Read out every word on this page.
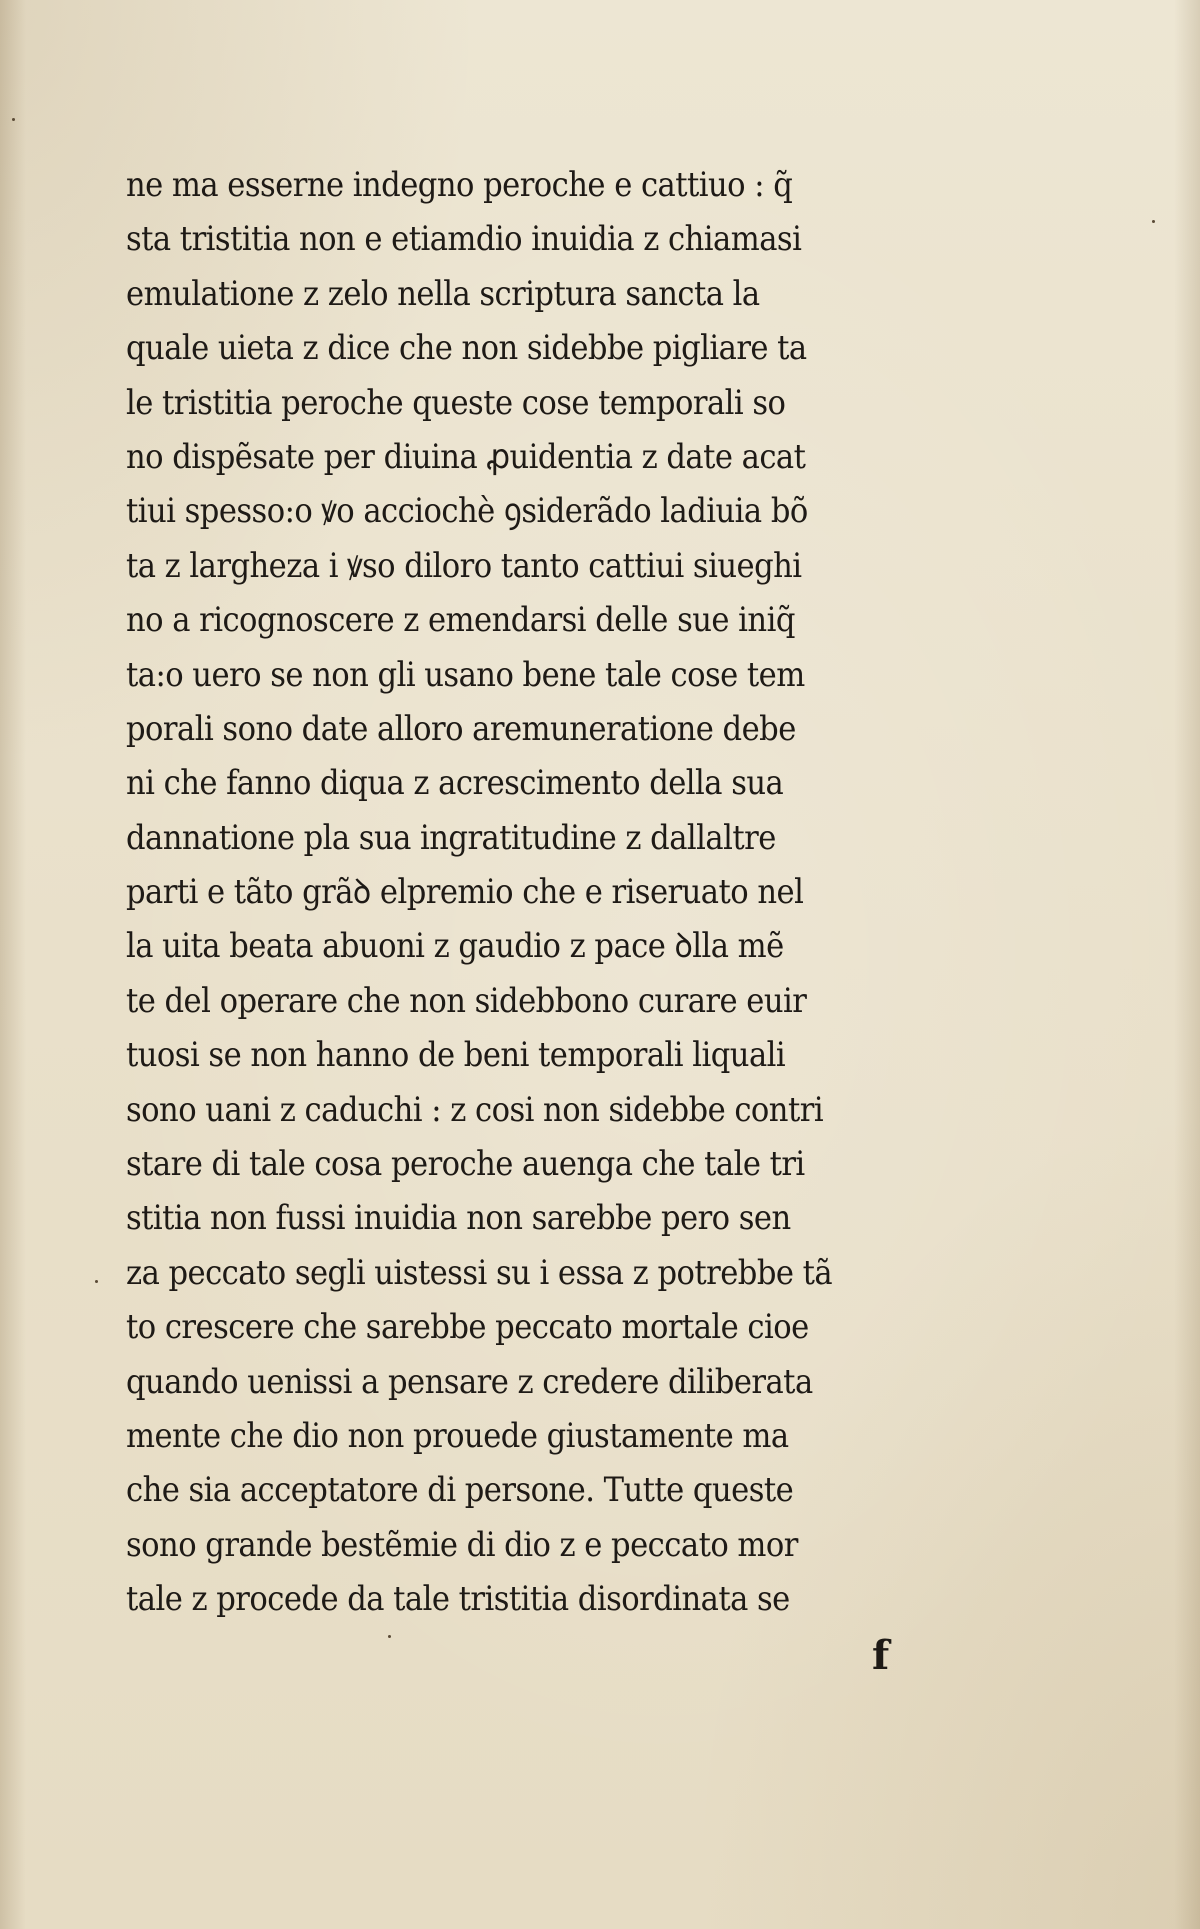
ne ma esserne indegno peroche e cattiuo : q̃
sta tristitia non e etiamdio inuidia z chiamasi
emulatione z zelo nella scriptura sancta la
quale uieta z dice che non sidebbe pigliare ta
le tristitia peroche queste cose temporali so
no dispẽsate per diuina ꝓuidentia z date acat
tiui spesso:o ꝟo acciochè ꝯsiderãdo ladiuia bõ
ta z largheza i ꝟso diloro tanto cattiui siueghi
no a ricognoscere z emendarsi delle sue iniq̃
ta:o uero se non gli usano bene tale cose tem
porali sono date alloro aremuneratione debe
ni che fanno diqua z acrescimento della sua
dannatione pla sua ingratitudine z dallaltre
parti e tãto grãꝺ elpremio che e riseruato nel
la uita beata abuoni z gaudio z pace ꝺlla mẽ
te del operare che non sidebbono curare euir
tuosi se non hanno de beni temporali liquali
sono uani z caduchi : z cosi non sidebbe contri
stare di tale cosa peroche auenga che tale tri
stitia non fussi inuidia non sarebbe pero sen
za peccato segli uistessi su i essa z potrebbe tã
to crescere che sarebbe peccato mortale cioe
quando uenissi a pensare z credere diliberata
mente che dio non prouede giustamente ma
che sia acceptatore di persone. Tutte queste
sono grande bestẽmie di dio z e peccato mor
tale z procede da tale tristitia disordinata se
f
